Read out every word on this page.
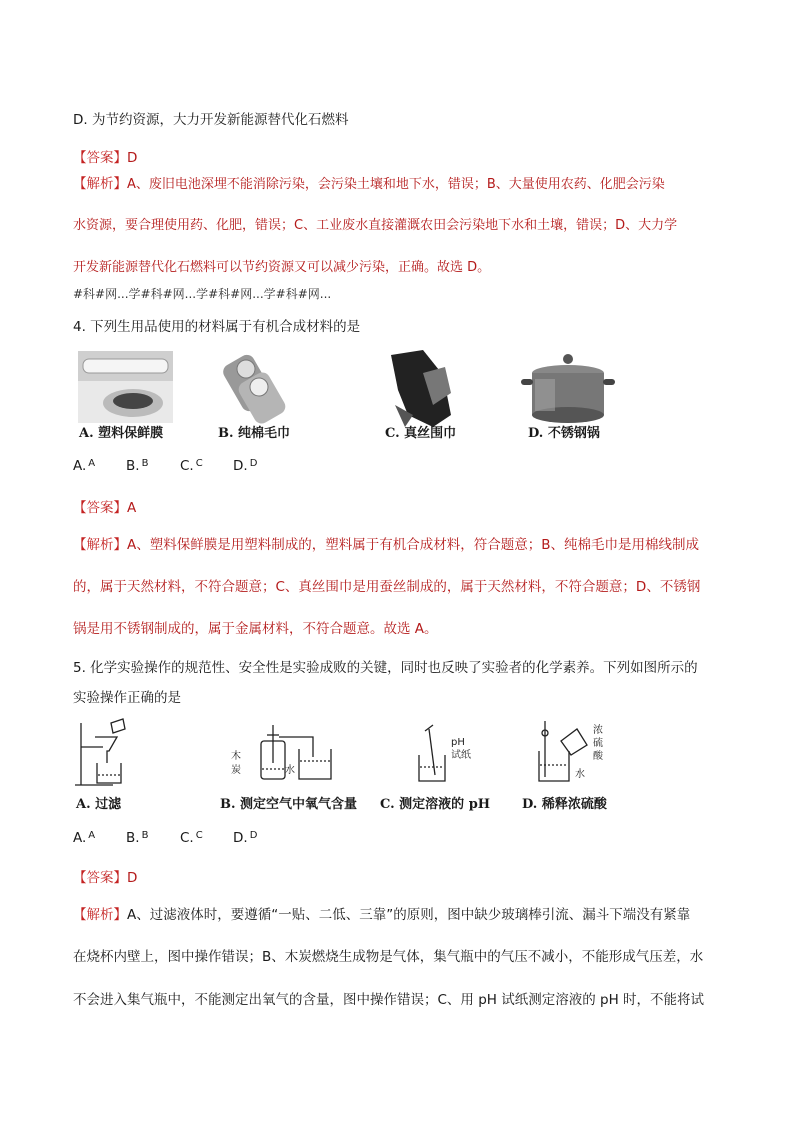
D. 为节约资源，大力开发新能源替代化石燃料
【答案】D
【解析】A、废旧电池深埋不能消除污染，会污染土壤和地下水，错误；B、大量使用农药、化肥会污染
水资源，要合理使用药、化肥，错误；C、工业废水直接灌溉农田会污染地下水和土壤，错误；D、大力学
开发新能源替代化石燃料可以节约资源又可以减少污染，正确。故选 D。
#科#网...学#科#网...学#科#网...学#科#网...
4. 下列生用品使用的材料属于有机合成材料的是
A. 塑料保鲜膜	B. 纯棉毛巾	C. 真丝围巾	D. 不锈钢锅
A. $^A$ B. $^B$ C. $^C$ D. $^D$
【答案】A
【解析】A、塑料保鲜膜是用塑料制成的，塑料属于有机合成材料，符合题意；B、纯棉毛巾是用棉线制成
的，属于天然材料，不符合题意；C、真丝围巾是用蚕丝制成的，属于天然材料，不符合题意；D、不锈钢
锅是用不锈钢制成的，属于金属材料，不符合题意。故选 A。
5. 化学实验操作的规范性、安全性是实验成败的关键，同时也反映了实验者的化学素养。下列如图所示的
实验操作正确的是
木
炭	水
pH
试纸
水
浓
硫
酸
A. 过滤	B. 测定空气中氧气含量 C. 测定溶液的 pH D. 稀释浓硫酸
A. $^A$ B. $^B$ C. $^C$ D. $^D$
【答案】D
【解析】A、过滤液体时，要遵循“一贴、二低、三靠”的原则，图中缺少玻璃棒引流、漏斗下端没有紧靠
在烧杯内壁上，图中操作错误；B、木炭燃烧生成物是气体，集气瓶中的气压不减小，不能形成气压差，水
不会进入集气瓶中，不能测定出氧气的含量，图中操作错误；C、用 pH 试纸测定溶液的 pH 时，不能将试
